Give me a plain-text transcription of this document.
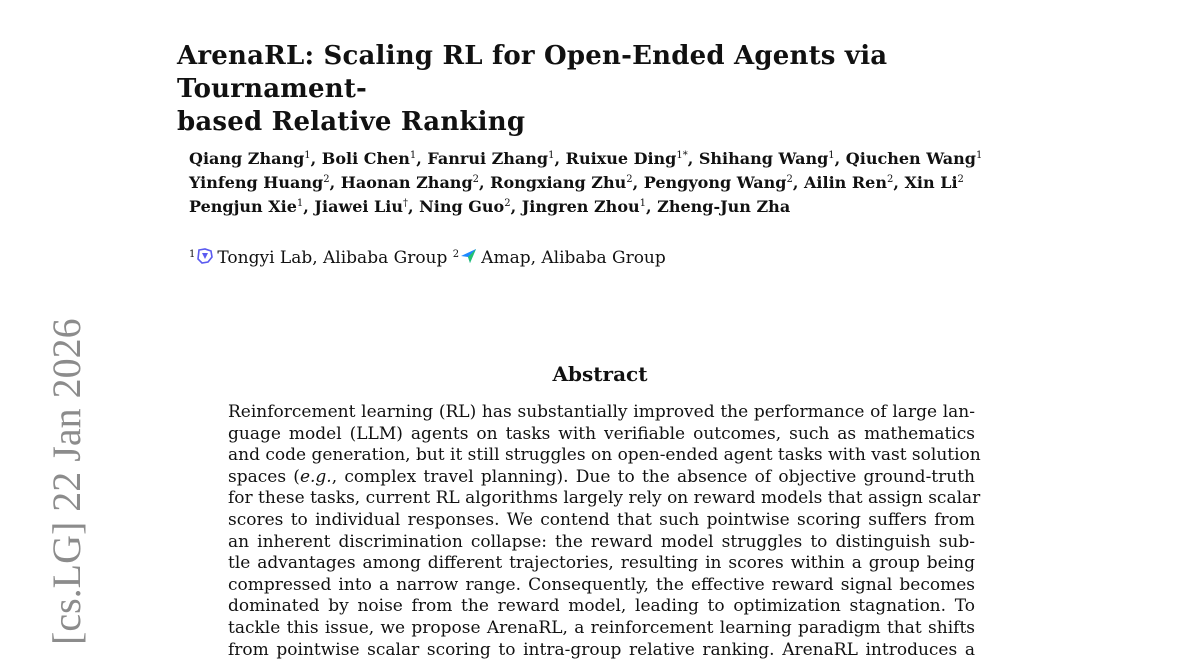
ArenaRL: Scaling RL for Open-Ended Agents via Tournament-
based Relative Ranking
Qiang Zhang$^1$, Boli Chen$^1$, Fanrui Zhang$^1$, Ruixue Ding$^{1*}$, Shihang Wang$^1$, Qiuchen Wang$^1$
Yinfeng Huang$^2$, Haonan Zhang$^2$, Rongxiang Zhu$^2$, Pengyong Wang$^2$, Ailin Ren$^2$, Xin Li$^2$
Pengjun Xie$^1$, Jiawei Liu†, Ning Guo$^2$, Jingren Zhou$^1$, Zheng-Jun Zha
$^1$ Tongyi Lab, Alibaba Group $^2$ Amap, Alibaba Group
Abstract
Reinforcement learning (RL) has substantially improved the performance of large lan-
guage model (LLM) agents on tasks with verifiable outcomes, such as mathematics
and code generation, but it still struggles on open-ended agent tasks with vast solution
spaces (e.g., complex travel planning). Due to the absence of objective ground-truth
for these tasks, current RL algorithms largely rely on reward models that assign scalar
scores to individual responses. We contend that such pointwise scoring suffers from
an inherent discrimination collapse: the reward model struggles to distinguish sub-
tle advantages among different trajectories, resulting in scores within a group being
compressed into a narrow range. Consequently, the effective reward signal becomes
dominated by noise from the reward model, leading to optimization stagnation. To
tackle this issue, we propose ArenaRL, a reinforcement learning paradigm that shifts
from pointwise scalar scoring to intra-group relative ranking. ArenaRL introduces a
[cs.LG] 22 Jan 2026
